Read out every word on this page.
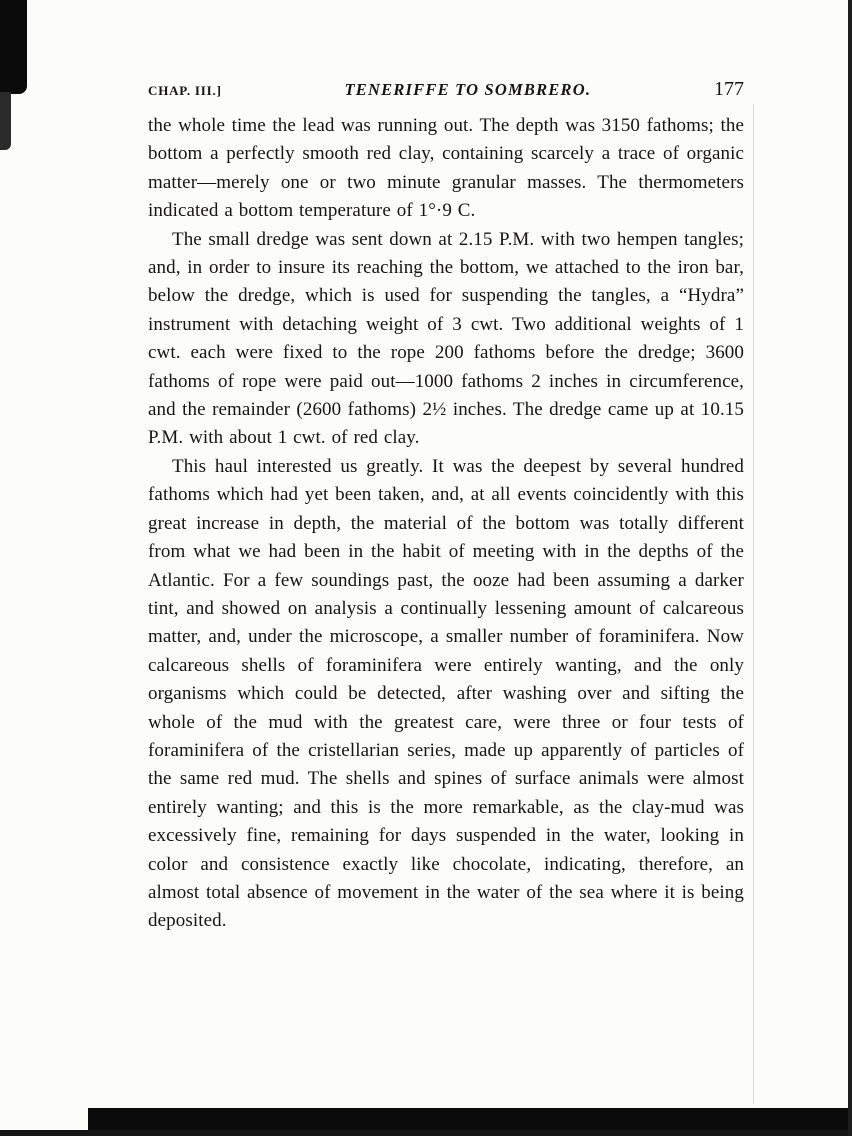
CHAP. III.]	TENERIFFE TO SOMBRERO.	177

the whole time the lead was running out. The depth was 3150 fathoms; the bottom a perfectly smooth red clay, containing scarcely a trace of organic matter—merely one or two minute granular masses. The thermometers indicated a bottom temperature of 1°·9 C.

The small dredge was sent down at 2.15 P.M. with two hempen tangles; and, in order to insure its reaching the bottom, we attached to the iron bar, below the dredge, which is used for suspending the tangles, a “Hydra” instrument with detaching weight of 3 cwt. Two additional weights of 1 cwt. each were fixed to the rope 200 fathoms before the dredge; 3600 fathoms of rope were paid out—1000 fathoms 2 inches in circumference, and the remainder (2600 fathoms) 2½ inches. The dredge came up at 10.15 P.M. with about 1 cwt. of red clay.

This haul interested us greatly. It was the deepest by several hundred fathoms which had yet been taken, and, at all events coincidently with this great increase in depth, the material of the bottom was totally different from what we had been in the habit of meeting with in the depths of the Atlantic. For a few soundings past, the ooze had been assuming a darker tint, and showed on analysis a continually lessening amount of calcareous matter, and, under the microscope, a smaller number of foraminifera. Now calcareous shells of foraminifera were entirely wanting, and the only organisms which could be detected, after washing over and sifting the whole of the mud with the greatest care, were three or four tests of foraminifera of the cristellarian series, made up apparently of particles of the same red mud. The shells and spines of surface animals were almost entirely wanting; and this is the more remarkable, as the clay-mud was excessively fine, remaining for days suspended in the water, looking in color and consistence exactly like chocolate, indicating, therefore, an almost total absence of movement in the water of the sea where it is being deposited.
